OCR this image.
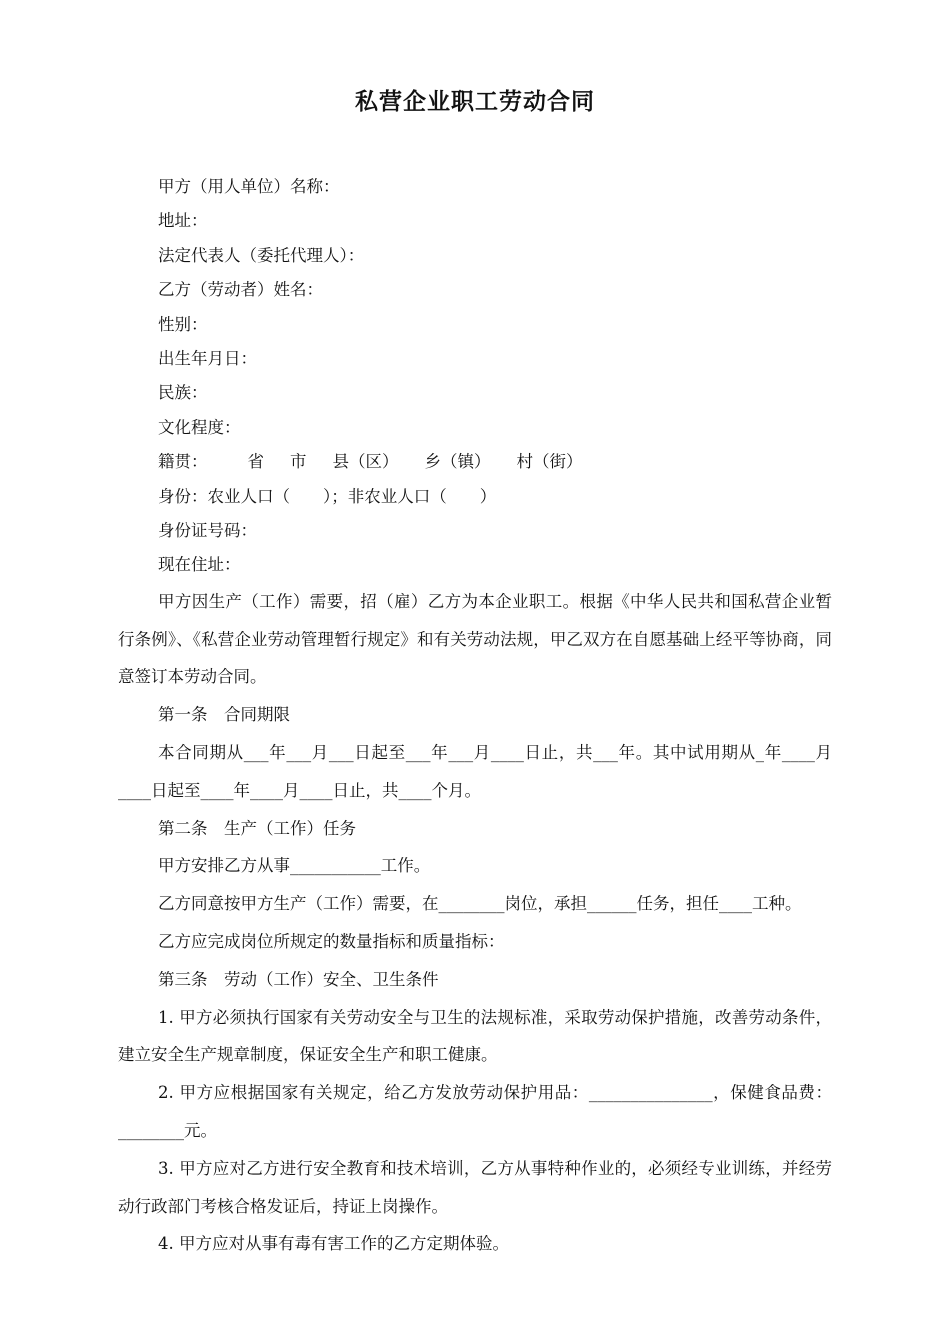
私营企业职工劳动合同
甲方（用人单位）名称：
地址：
法定代表人（委托代理人）：
乙方（劳动者）姓名：
性别：
出生年月日：
民族：
文化程度：
籍贯： 省 市 县（区） 乡（镇） 村（街）
身份：农业人口（　　）；非农业人口（　　）
身份证号码：
现在住址：
甲方因生产（工作）需要，招（雇）乙方为本企业职工。根据《中华人民共和国私营企业暂行条例》、《私营企业劳动管理暂行规定》和有关劳动法规，甲乙双方在自愿基础上经平等协商，同意签订本劳动合同。
第一条　合同期限
本合同期从___年___月___日起至___年___月____日止，共___年。其中试用期从_年____月____日起至____年____月____日止，共____个月。
第二条　生产（工作）任务
甲方安排乙方从事___________工作。
乙方同意按甲方生产（工作）需要，在________岗位，承担______任务，担任____工种。
乙方应完成岗位所规定的数量指标和质量指标：
第三条　劳动（工作）安全、卫生条件
1. 甲方必须执行国家有关劳动安全与卫生的法规标准，采取劳动保护措施，改善劳动条件，建立安全生产规章制度，保证安全生产和职工健康。
2. 甲方应根据国家有关规定，给乙方发放劳动保护用品：_______________，保健食品费：________元。
3. 甲方应对乙方进行安全教育和技术培训，乙方从事特种作业的，必须经专业训练，并经劳动行政部门考核合格发证后，持证上岗操作。
4. 甲方应对从事有毒有害工作的乙方定期体验。
